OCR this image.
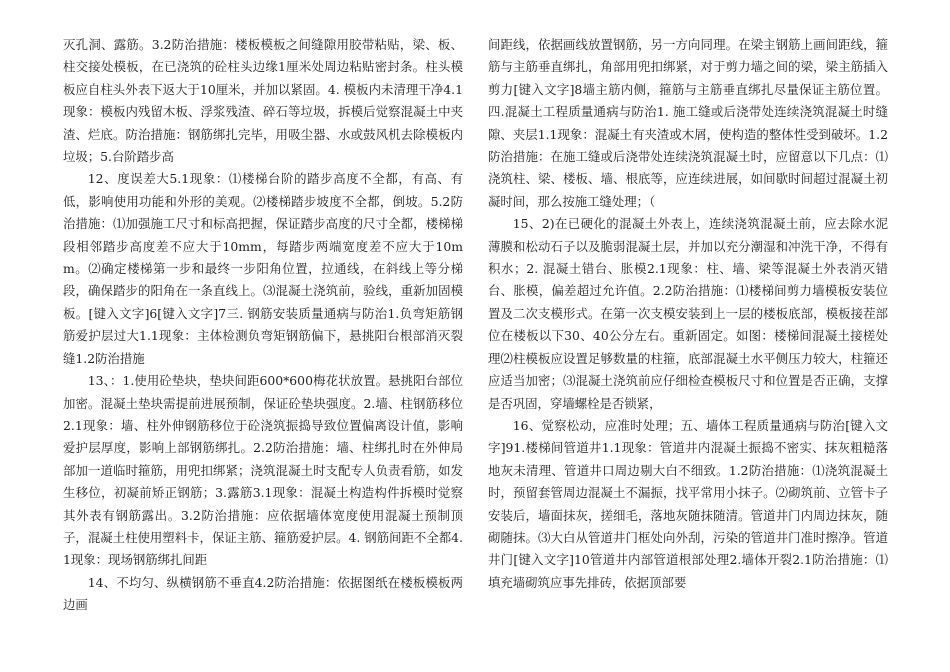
灭孔洞、露筋。3.2防治措施：楼板模板之间缝隙用胶带粘贴，梁、板、柱交接处模板，在已浇筑的砼柱头边缘1厘米处周边粘贴密封条。柱头模板应自柱头外表下返大于10厘米，并加以紧固。4. 模板内未清理干净4.1现象：模板内残留木板、浮浆残渣、碎石等垃圾，拆模后觉察混凝土中夹渣、烂底。防治措施：钢筋绑扎完毕，用吸尘器、水或鼓风机去除模板内垃圾；5.台阶踏步高

12、度误差大5.1现象：⑴楼梯台阶的踏步高度不全都，有高、有低，影响使用功能和外形的美观。⑵楼梯踏步坡度不全都，倒坡。5.2防治措施：⑴加强施工尺寸和标高把握，保证踏步高度的尺寸全都，楼梯梯段相邻踏步高度差不应大于10mm，每踏步两端宽度差不应大于10mm。⑵确定楼梯第一步和最终一步阳角位置，拉通线，在斜线上等分梯段，确保踏步的阳角在一条直线上。⑶混凝土浇筑前，验线，重新加固模板。[键入文字]6[键入文字]7三. 钢筋安装质量通病与防治1.负弯矩筋钢筋爱护层过大1.1现象：主体检测负弯矩钢筋偏下，悬挑阳台根部消灭裂缝1.2防治措施

13、：1.使用砼垫块，垫块间距600*600梅花状放置。悬挑阳台部位加密。混凝土垫块需提前进展预制，保证砼垫块强度。2.墙、柱钢筋移位2.1现象：墙、柱外伸钢筋移位于砼浇筑振捣导致位置偏离设计值，影响爱护层厚度，影响上部钢筋绑扎。2.2防治措施：墙、柱绑扎时在外伸局部加一道临时箍筋，用兜扣绑紧；浇筑混凝土时支配专人负责看筋，如发生移位，初凝前矫正钢筋；3.露筋3.1现象：混凝土构造构件拆模时觉察其外表有钢筋露出。3.2防治措施：应依据墙体宽度使用混凝土预制顶子，混凝土柱使用塑料卡，保证主筋、箍筋爱护层。4. 钢筋间距不全都4.1现象：现场钢筋绑扎间距

14、不均匀、纵横钢筋不垂直4.2防治措施：依据图纸在楼板模板两边画

间距线，依据画线放置钢筋，另一方向同理。在梁主钢筋上画间距线，箍筋与主筋垂直绑扎，角部用兜扣绑紧，对于剪力墙之间的梁，梁主筋插入剪力[键入文字]8墙主筋内侧，箍筋与主筋垂直绑扎尽量保证主筋位置。四.混凝土工程质量通病与防治1. 施工缝或后浇带处连续浇筑混凝土时缝隙、夹层1.1现象：混凝土有夹渣或木屑，使构造的整体性受到破坏。1.2防治措施：在施工缝或后浇带处连续浇筑混凝土时，应留意以下几点：⑴浇筑柱、梁、楼板、墙、根底等，应连续进展，如间歇时间超过混凝土初凝时间，那么按施工缝处理；（

15、2)在已硬化的混凝土外表上，连续浇筑混凝土前，应去除水泥薄膜和松动石子以及脆弱混凝土层，并加以充分潮湿和冲洗干净，不得有积水；2. 混凝土错台、胀模2.1现象：柱、墙、梁等混凝土外表消灭错台、胀模，偏差超过允许值。2.2防治措施：⑴楼梯间剪力墙模板安装位置及二次支模形式。在第一次支模安装到上一层的楼板底部，模板接茬部位在楼板以下30、40公分左右。重新固定。如图：楼梯间混凝土接槎处理⑵柱模板应设置足够数量的柱箍，底部混凝土水平侧压力较大，柱箍还应适当加密；⑶混凝土浇筑前应仔细检查模板尺寸和位置是否正确，支撑是否巩固，穿墙螺栓是否锁紧，

16、觉察松动，应准时处理；五、墙体工程质量通病与防治[键入文字]91.楼梯间管道井1.1现象：管道井内混凝土振捣不密实、抹灰粗糙落地灰未清理、管道井口周边剔大白不细致。1.2防治措施：⑴浇筑混凝土时，预留套管周边混凝土不漏振，找平常用小抹子。⑵砌筑前、立管卡子安装后，墙面抹灰，搓细毛，落地灰随抹随清。管道井门内周边抹灰，随砌随抹。⑶大白从管道井门框处向外刮，污染的管道井门准时擦净。管道井门[键入文字]10管道井内部管道根部处理2.墙体开裂2.1防治措施：⑴填充墙砌筑应事先排砖，依据顶部要
